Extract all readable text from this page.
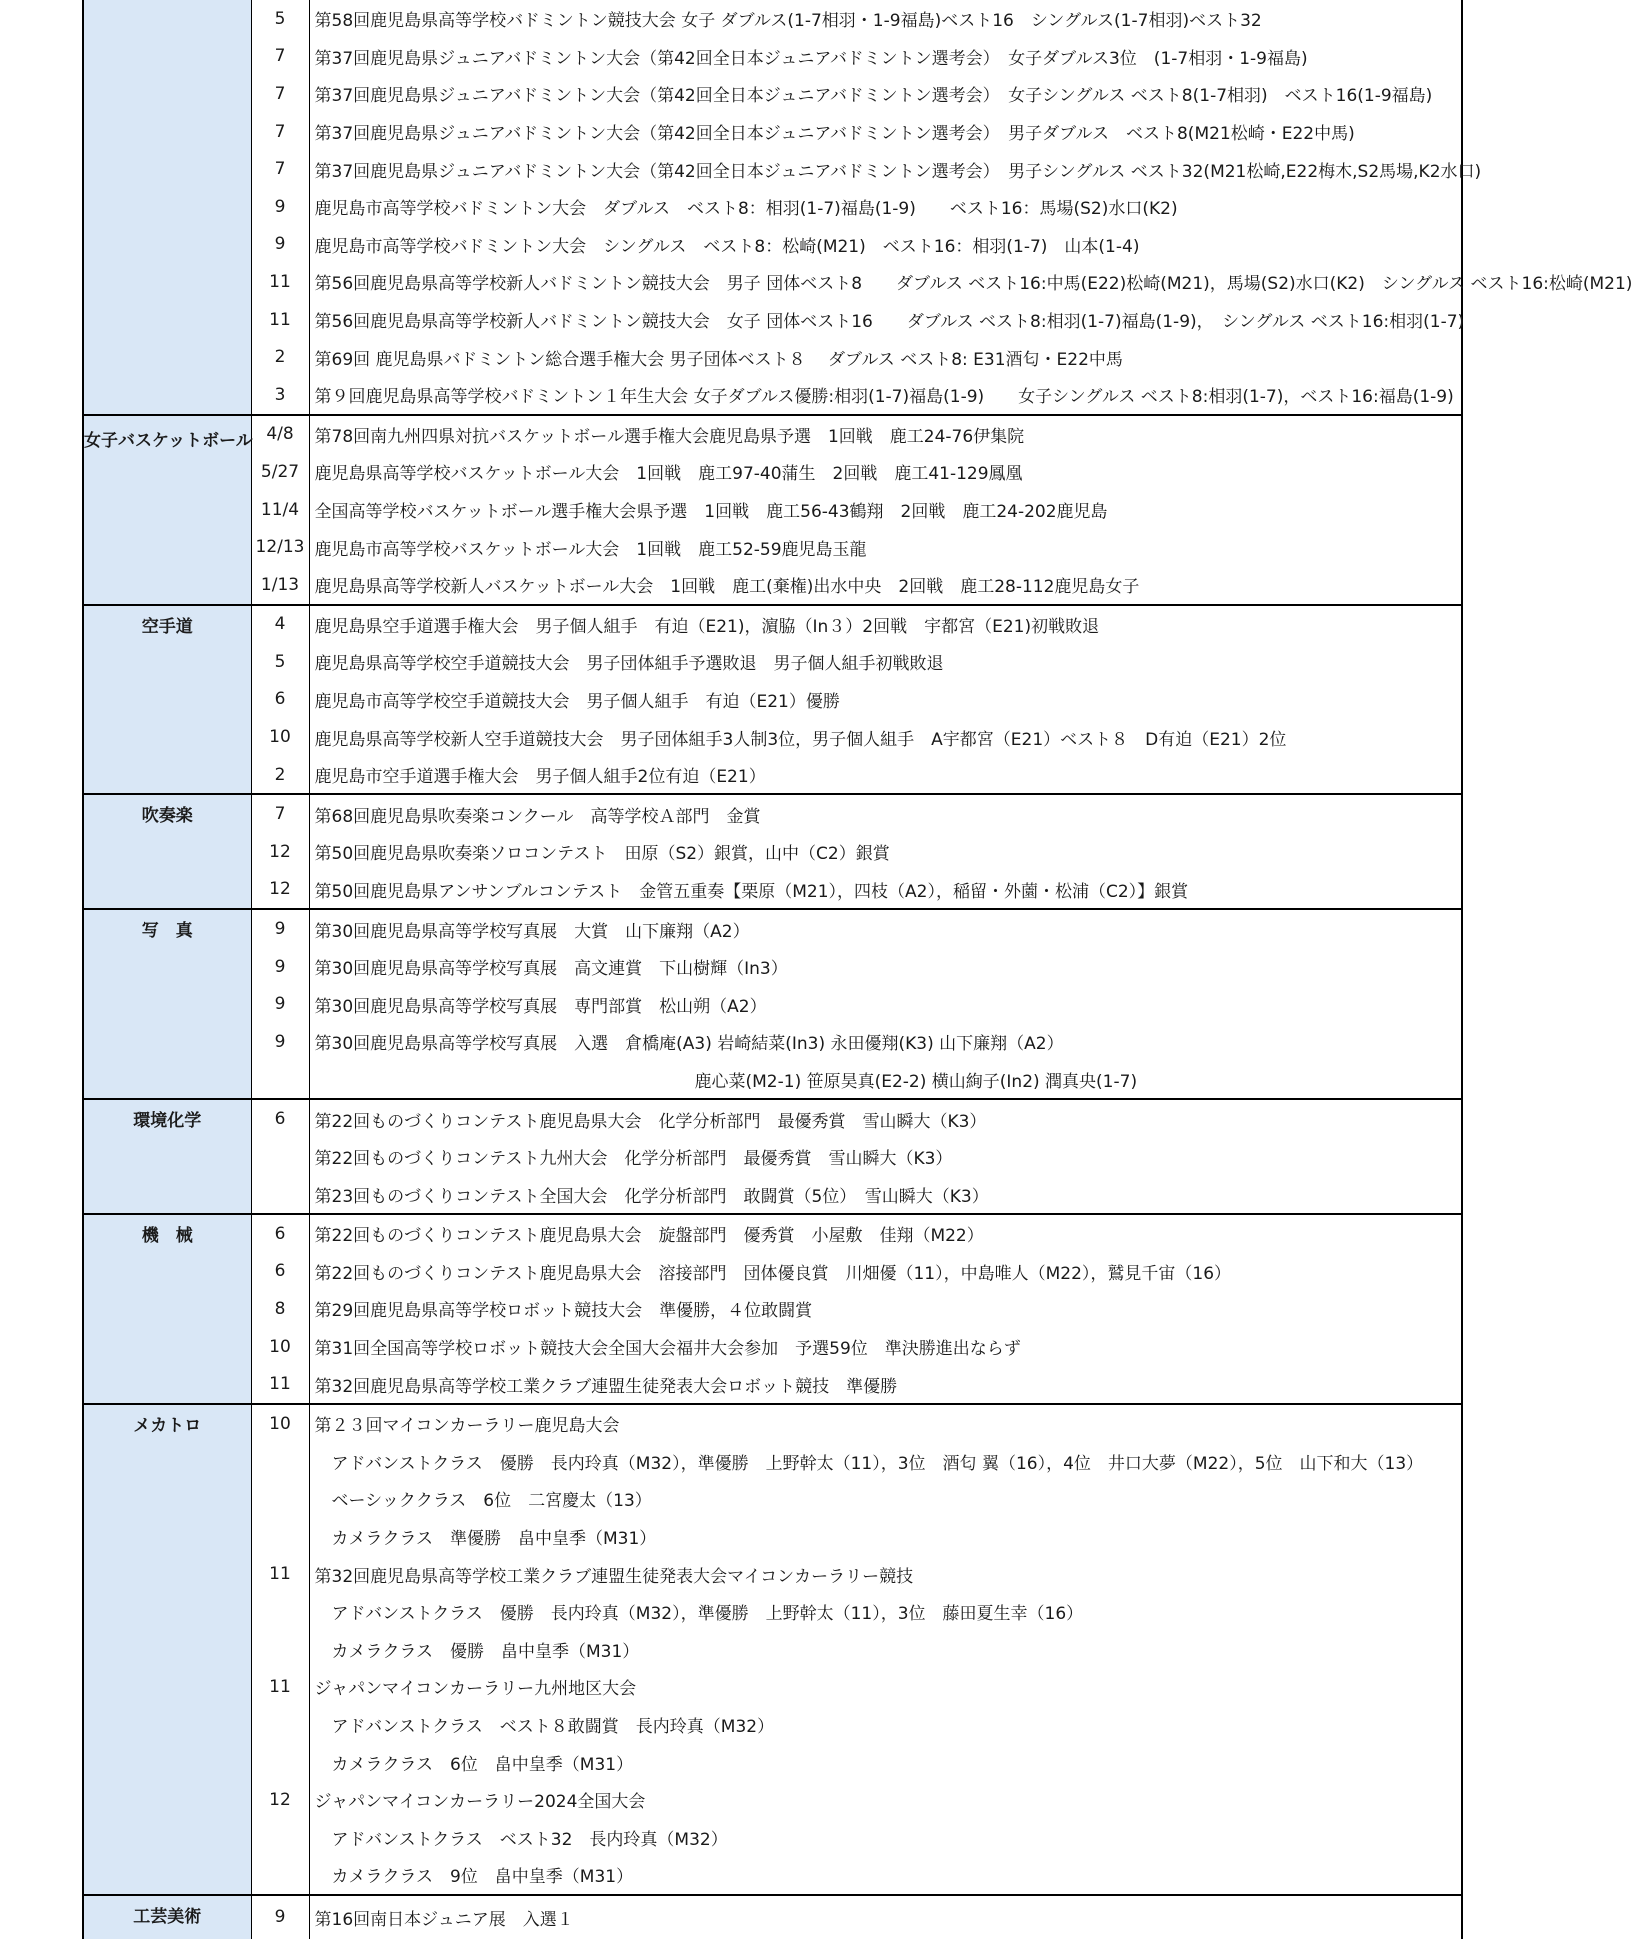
	5	第58回鹿児島県高等学校バドミントン競技大会 女子 ダブルス(1-7相羽・1-9福島)ベスト16　シングルス(1-7相羽)ベスト32
	7	第37回鹿児島県ジュニアバドミントン大会（第42回全日本ジュニアバドミントン選考会）　女子ダブルス3位　(1-7相羽・1-9福島)
	7	第37回鹿児島県ジュニアバドミントン大会（第42回全日本ジュニアバドミントン選考会）　女子シングルス ベスト8(1-7相羽)　ベスト16(1-9福島)
	7	第37回鹿児島県ジュニアバドミントン大会（第42回全日本ジュニアバドミントン選考会）　男子ダブルス　ベスト8(M21松崎・E22中馬)
	7	第37回鹿児島県ジュニアバドミントン大会（第42回全日本ジュニアバドミントン選考会）　男子シングルス ベスト32(M21松崎,E22梅木,S2馬場,K2水口)
	9	鹿児島市高等学校バドミントン大会　ダブルス　ベスト8：相羽(1-7)福島(1-9)　　ベスト16：馬場(S2)水口(K2)
	9	鹿児島市高等学校バドミントン大会　シングルス　ベスト8：松崎(M21)　ベスト16：相羽(1-7)　山本(1-4)
	11	第56回鹿児島県高等学校新人バドミントン競技大会　男子 団体ベスト8　　ダブルス ベスト16:中馬(E22)松崎(M21)，馬場(S2)水口(K2)　シングルス ベスト16:松崎(M21)
	11	第56回鹿児島県高等学校新人バドミントン競技大会　女子 団体ベスト16　　ダブルス ベスト8:相羽(1-7)福島(1-9)，　シングルス ベスト16:相羽(1-7)
	2	第69回 鹿児島県バドミントン総合選手権大会 男子団体ベスト８　 ダブルス ベスト8: E31酒匂・E22中馬
	3	第９回鹿児島県高等学校バドミントン１年生大会 女子ダブルス優勝:相羽(1-7)福島(1-9)　　女子シングルス ベスト8:相羽(1-7)，ベスト16:福島(1-9)
女子バスケットボール	4/8	第78回南九州四県対抗バスケットボール選手権大会鹿児島県予選　1回戦　鹿工24-76伊集院
	5/27	鹿児島県高等学校バスケットボール大会　1回戦　鹿工97-40蒲生　2回戦　鹿工41-129鳳凰
	11/4	全国高等学校バスケットボール選手権大会県予選　1回戦　鹿工56-43鶴翔　2回戦　鹿工24-202鹿児島
	12/13	鹿児島市高等学校バスケットボール大会　1回戦　鹿工52-59鹿児島玉龍
	1/13	鹿児島県高等学校新人バスケットボール大会　1回戦　鹿工(棄権)出水中央　2回戦　鹿工28-112鹿児島女子
空手道	4	鹿児島県空手道選手権大会　男子個人組手　有迫（E21)，濵脇（In３）2回戦　宇都宮（E21)初戦敗退
	5	鹿児島県高等学校空手道競技大会　男子団体組手予選敗退　男子個人組手初戦敗退
	6	鹿児島市高等学校空手道競技大会　男子個人組手　有迫（E21）優勝
	10	鹿児島県高等学校新人空手道競技大会　男子団体組手3人制3位，男子個人組手　A宇都宮（E21）ベスト８　D有迫（E21）2位
	2	鹿児島市空手道選手権大会　男子個人組手2位有迫（E21）
吹奏楽	7	第68回鹿児島県吹奏楽コンクール　高等学校Ａ部門　金賞
	12	第50回鹿児島県吹奏楽ソロコンテスト　田原（S2）銀賞，山中（C2）銀賞
	12	第50回鹿児島県アンサンブルコンテスト　金管五重奏【栗原（M21），四枝（A2），稲留・外薗・松浦（C2）】銀賞
写　真	9	第30回鹿児島県高等学校写真展　大賞　山下廉翔（A2）
	9	第30回鹿児島県高等学校写真展　高文連賞　下山樹輝（In3）
	9	第30回鹿児島県高等学校写真展　専門部賞　松山朔（A2）
	9	第30回鹿児島県高等学校写真展　入選　倉橋庵(A3) 岩崎結菜(In3) 永田優翔(K3) 山下廉翔（A2）
		鹿心菜(M2-1) 笹原昊真(E2-2) 横山絢子(In2) 潤真央(1-7)
環境化学	6	第22回ものづくりコンテスト鹿児島県大会　化学分析部門　最優秀賞　雪山瞬大（K3）
		第22回ものづくりコンテスト九州大会　化学分析部門　最優秀賞　雪山瞬大（K3）
		第23回ものづくりコンテスト全国大会　化学分析部門　敢闘賞（5位）　雪山瞬大（K3）
機　械	6	第22回ものづくりコンテスト鹿児島県大会　旋盤部門　優秀賞　小屋敷　佳翔（M22）
	6	第22回ものづくりコンテスト鹿児島県大会　溶接部門　団体優良賞　川畑優（11），中島唯人（M22），鷲見千宙（16）
	8	第29回鹿児島県高等学校ロボット競技大会　準優勝，４位敢闘賞
	10	第31回全国高等学校ロボット競技大会全国大会福井大会参加　予選59位　準決勝進出ならず
	11	第32回鹿児島県高等学校工業クラブ連盟生徒発表大会ロボット競技　準優勝
メカトロ	10	第２３回マイコンカーラリー鹿児島大会
		アドバンストクラス　優勝　長内玲真（M32），準優勝　上野幹太（11），3位　酒匂 翼（16），4位　井口大夢（M22），5位　山下和大（13）
		ベーシッククラス　6位　二宮慶太（13）
		カメラクラス　準優勝　畠中皇季（M31）
	11	第32回鹿児島県高等学校工業クラブ連盟生徒発表大会マイコンカーラリー競技
		アドバンストクラス　優勝　長内玲真（M32），準優勝　上野幹太（11），3位　藤田夏生幸（16）
		カメラクラス　優勝　畠中皇季（M31）
	11	ジャパンマイコンカーラリー九州地区大会
		アドバンストクラス　ベスト８敢闘賞　長内玲真（M32）
		カメラクラス　6位　畠中皇季（M31）
	12	ジャパンマイコンカーラリー2024全国大会
		アドバンストクラス　ベスト32　長内玲真（M32）
		カメラクラス　9位　畠中皇季（M31）
工芸美術	9	第16回南日本ジュニア展　入選１
